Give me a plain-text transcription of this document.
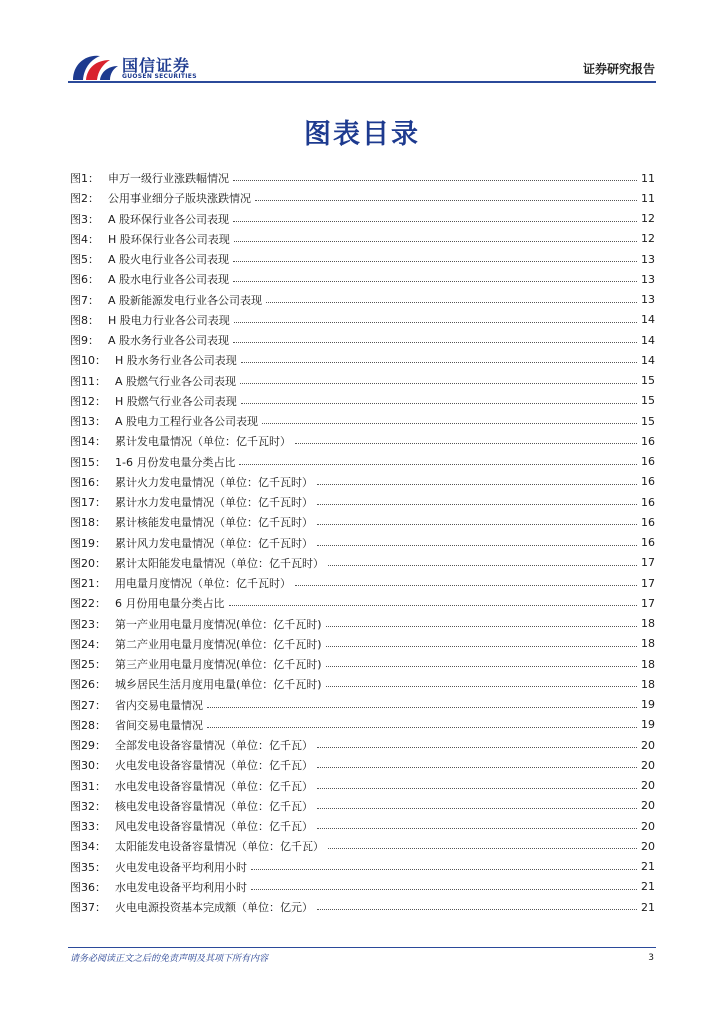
国信证券
GUOSEN SECURITIES
证券研究报告
图表目录
图1： 申万一级行业涨跌幅情况	11
图2： 公用事业细分子版块涨跌情况	11
图3： A 股环保行业各公司表现	12
图4： H 股环保行业各公司表现	12
图5： A 股火电行业各公司表现	13
图6： A 股水电行业各公司表现	13
图7： A 股新能源发电行业各公司表现	13
图8： H 股电力行业各公司表现	14
图9： A 股水务行业各公司表现	14
图10： H 股水务行业各公司表现	14
图11： A 股燃气行业各公司表现	15
图12： H 股燃气行业各公司表现	15
图13： A 股电力工程行业各公司表现	15
图14： 累计发电量情况（单位：亿千瓦时）	16
图15： 1-6 月份发电量分类占比	16
图16： 累计火力发电量情况（单位：亿千瓦时）	16
图17： 累计水力发电量情况（单位：亿千瓦时）	16
图18： 累计核能发电量情况（单位：亿千瓦时）	16
图19： 累计风力发电量情况（单位：亿千瓦时）	16
图20： 累计太阳能发电量情况（单位：亿千瓦时）	17
图21： 用电量月度情况（单位：亿千瓦时）	17
图22： 6 月份用电量分类占比	17
图23： 第一产业用电量月度情况(单位：亿千瓦时)	18
图24： 第二产业用电量月度情况(单位：亿千瓦时)	18
图25： 第三产业用电量月度情况(单位：亿千瓦时)	18
图26： 城乡居民生活月度用电量(单位：亿千瓦时)	18
图27： 省内交易电量情况	19
图28： 省间交易电量情况	19
图29： 全部发电设备容量情况（单位：亿千瓦）	20
图30： 火电发电设备容量情况（单位：亿千瓦）	20
图31： 水电发电设备容量情况（单位：亿千瓦）	20
图32： 核电发电设备容量情况（单位：亿千瓦）	20
图33： 风电发电设备容量情况（单位：亿千瓦）	20
图34： 太阳能发电设备容量情况（单位：亿千瓦）	20
图35： 火电发电设备平均利用小时	21
图36： 水电发电设备平均利用小时	21
图37： 火电电源投资基本完成额（单位：亿元）	21
请务必阅读正文之后的免责声明及其项下所有内容	3
